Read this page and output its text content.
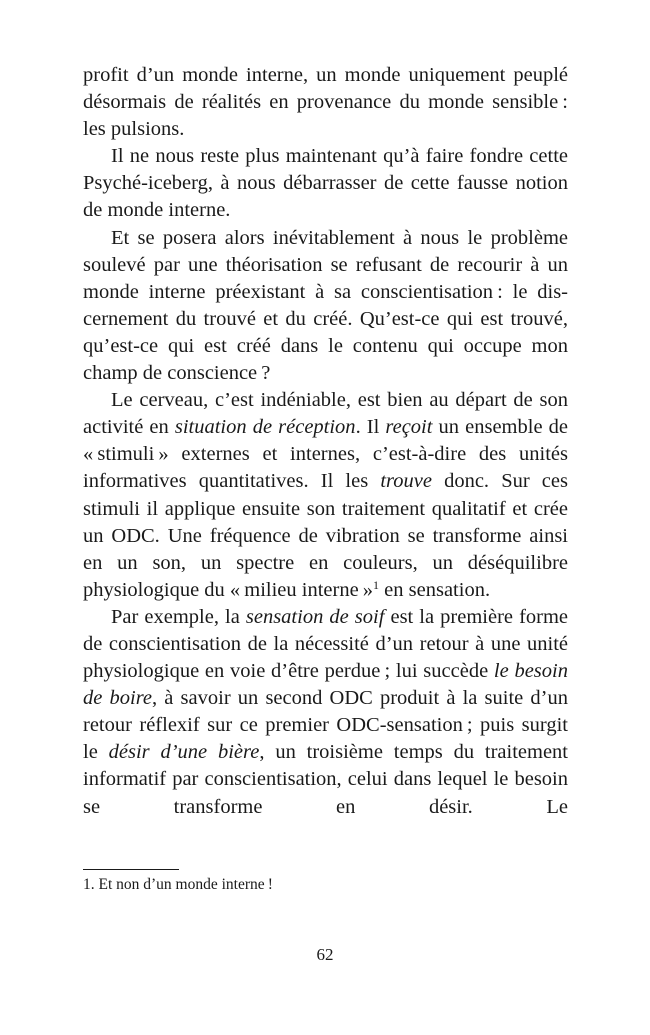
profit d’un monde interne, un monde uniquement peuplé désormais de réalités en provenance du monde sensible : les pulsions.

Il ne nous reste plus maintenant qu’à faire fondre cette Psyché-iceberg, à nous débarrasser de cette fausse notion de monde interne.

Et se posera alors inévitablement à nous le problème soulevé par une théorisation se refusant de recourir à un monde interne préexistant à sa conscientisation : le discernement du trouvé et du créé. Qu’est-ce qui est trouvé, qu’est-ce qui est créé dans le contenu qui occupe mon champ de conscience ?

Le cerveau, c’est indéniable, est bien au départ de son activité en situation de réception. Il reçoit un ensemble de « stimuli » externes et internes, c’est-à-​dire des unités informatives quantitatives. Il les trouve donc. Sur ces stimuli il applique ensuite son traitement qualitatif et crée un ODC. Une fréquence de vibration se transforme ainsi en un son, un spectre en couleurs, un déséquilibre physiologique du « milieu interne »$^1$ en sensation.

Par exemple, la sensation de soif est la première forme de conscientisation de la nécessité d’un retour à une unité physiologique en voie d’être perdue ; lui succède le besoin de boire, à savoir un second ODC produit à la suite d’un retour réflexif sur ce premier ODC-​sensation ; puis surgit le désir d’une bière, un troisième temps du traitement informatif par conscientisation, celui dans lequel le besoin se transforme en désir. Le

1. Et non d’un monde interne !
62
